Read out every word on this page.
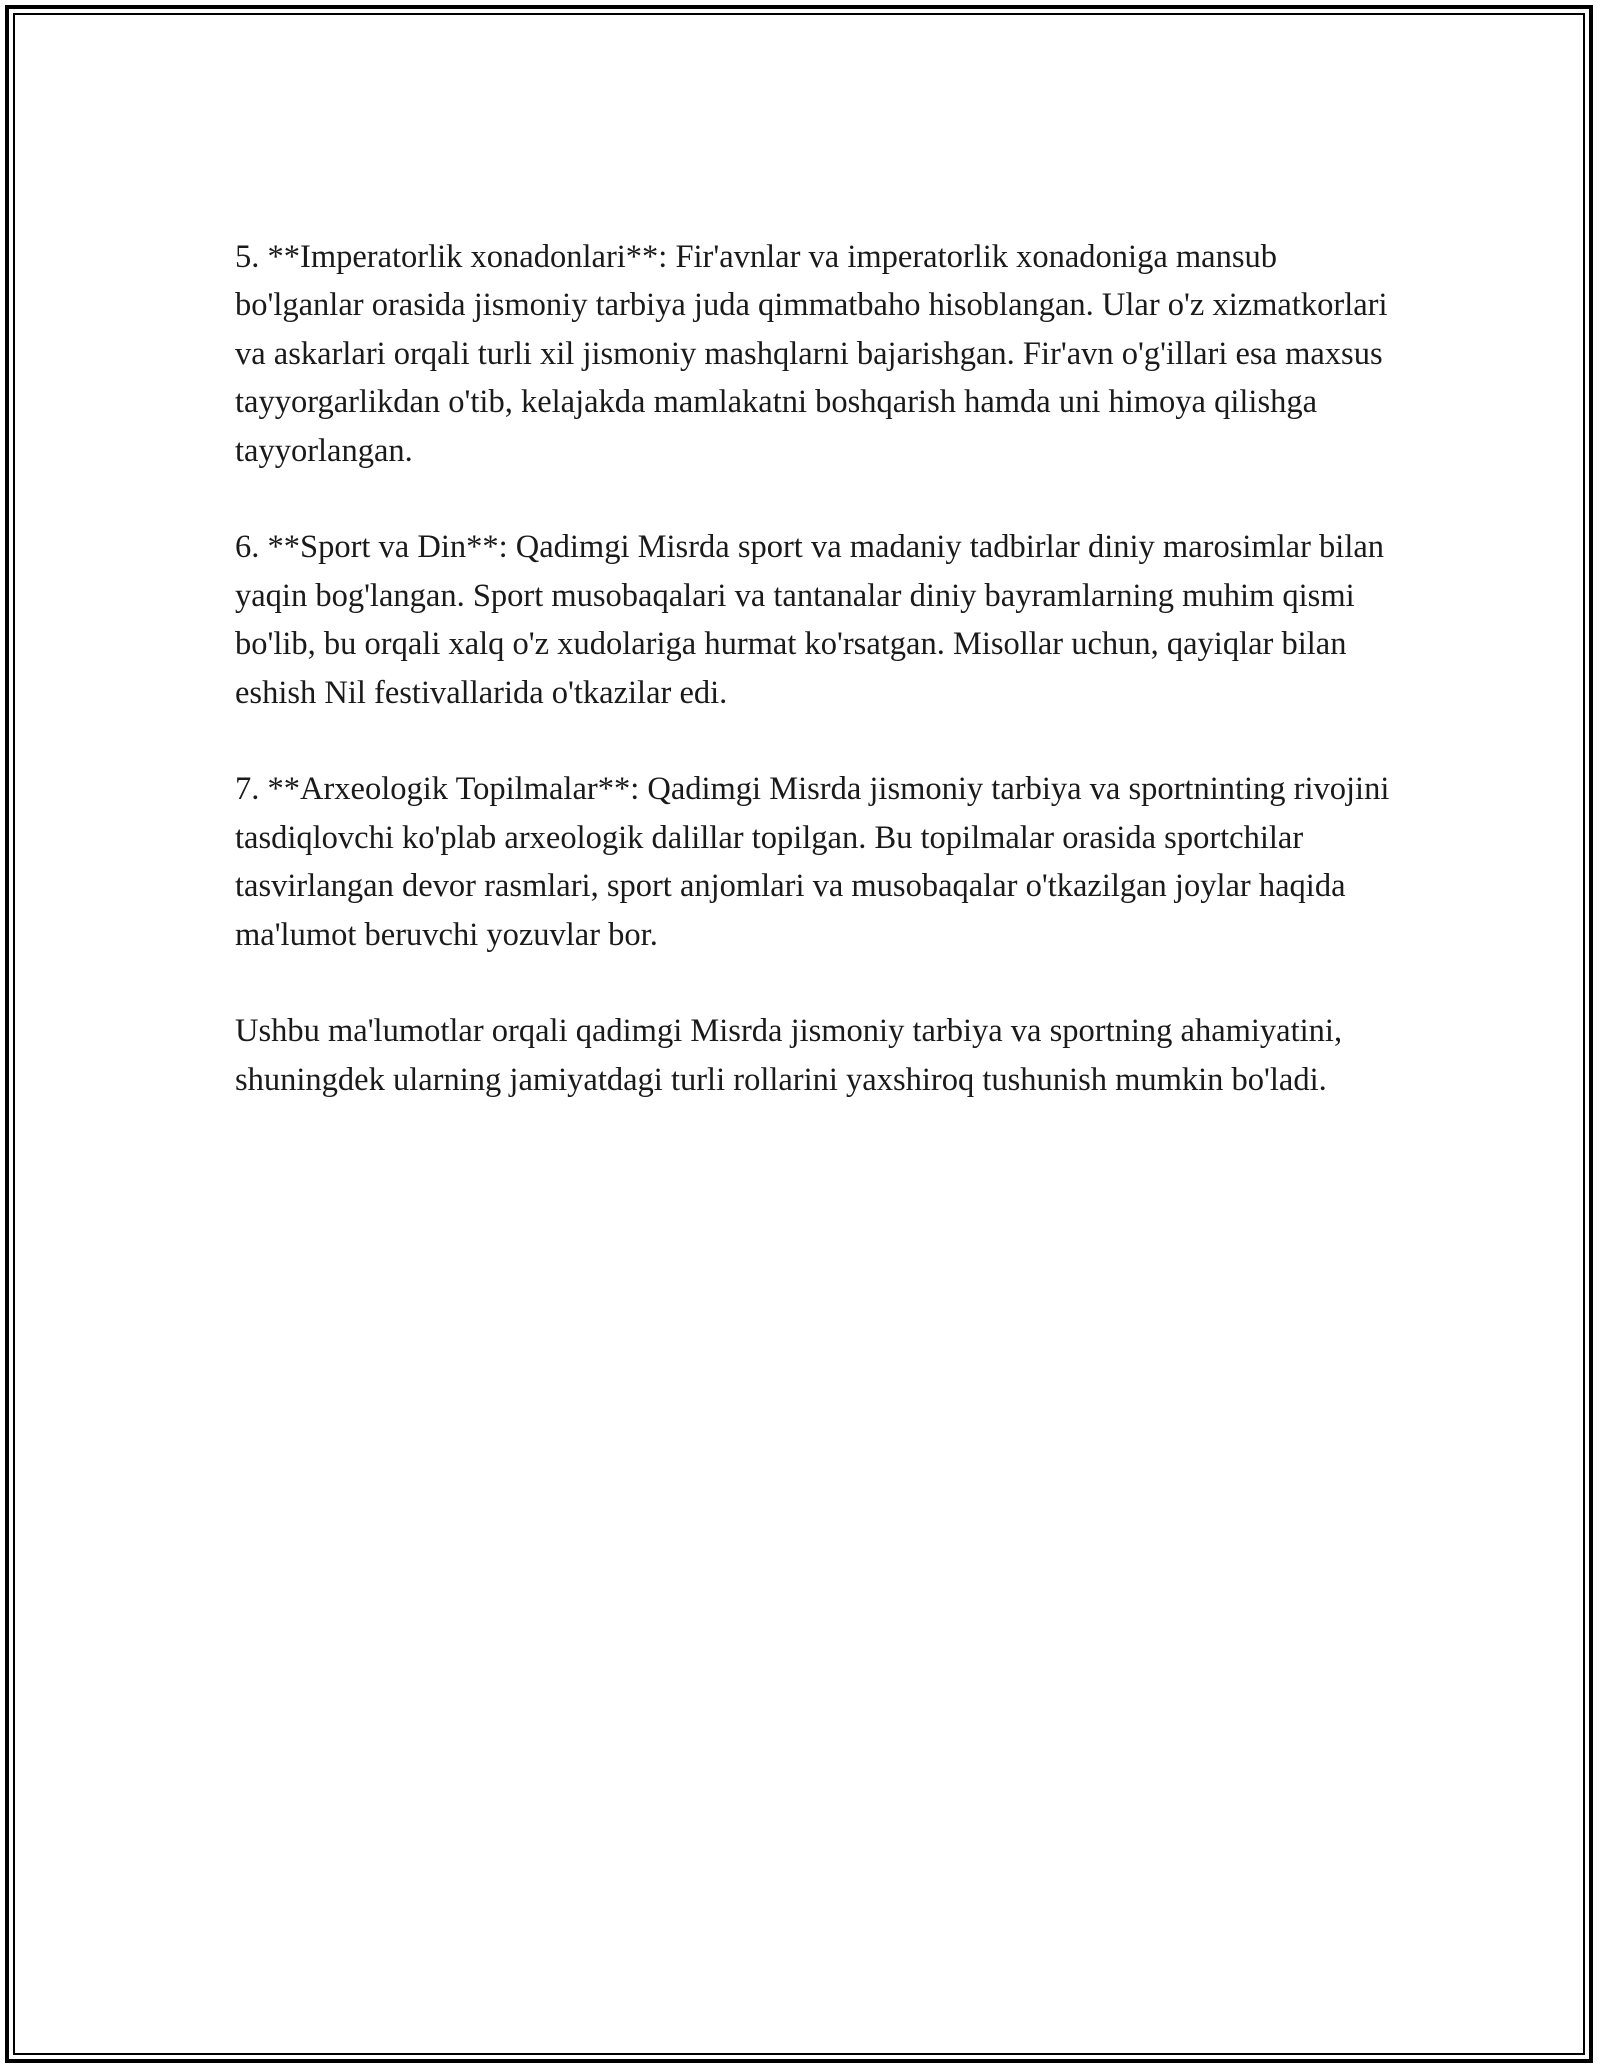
5. **Imperatorlik xonadonlari**: Fir'avnlar va imperatorlik xonadoniga mansub bo'lganlar orasida jismoniy tarbiya juda qimmatbaho hisoblangan. Ular o'z xizmatkorlari va askarlari orqali turli xil jismoniy mashqlarni bajarishgan. Fir'avn o'g'illari esa maxsus tayyorgarlikdan o'tib, kelajakda mamlakatni boshqarish hamda uni himoya qilishga tayyorlangan.

6. **Sport va Din**: Qadimgi Misrda sport va madaniy tadbirlar diniy marosimlar bilan yaqin bog'langan. Sport musobaqalari va tantanalar diniy bayramlarning muhim qismi bo'lib, bu orqali xalq o'z xudolariga hurmat ko'rsatgan. Misollar uchun, qayiqlar bilan eshish Nil festivallarida o'tkazilar edi.

7. **Arxeologik Topilmalar**: Qadimgi Misrda jismoniy tarbiya va sportninting rivojini tasdiqlovchi ko'plab arxeologik dalillar topilgan. Bu topilmalar orasida sportchilar tasvirlangan devor rasmlari, sport anjomlari va musobaqalar o'tkazilgan joylar haqida ma'lumot beruvchi yozuvlar bor.

Ushbu ma'lumotlar orqali qadimgi Misrda jismoniy tarbiya va sportning ahamiyatini, shuningdek ularning jamiyatdagi turli rollarini yaxshiroq tushunish mumkin bo'ladi.
